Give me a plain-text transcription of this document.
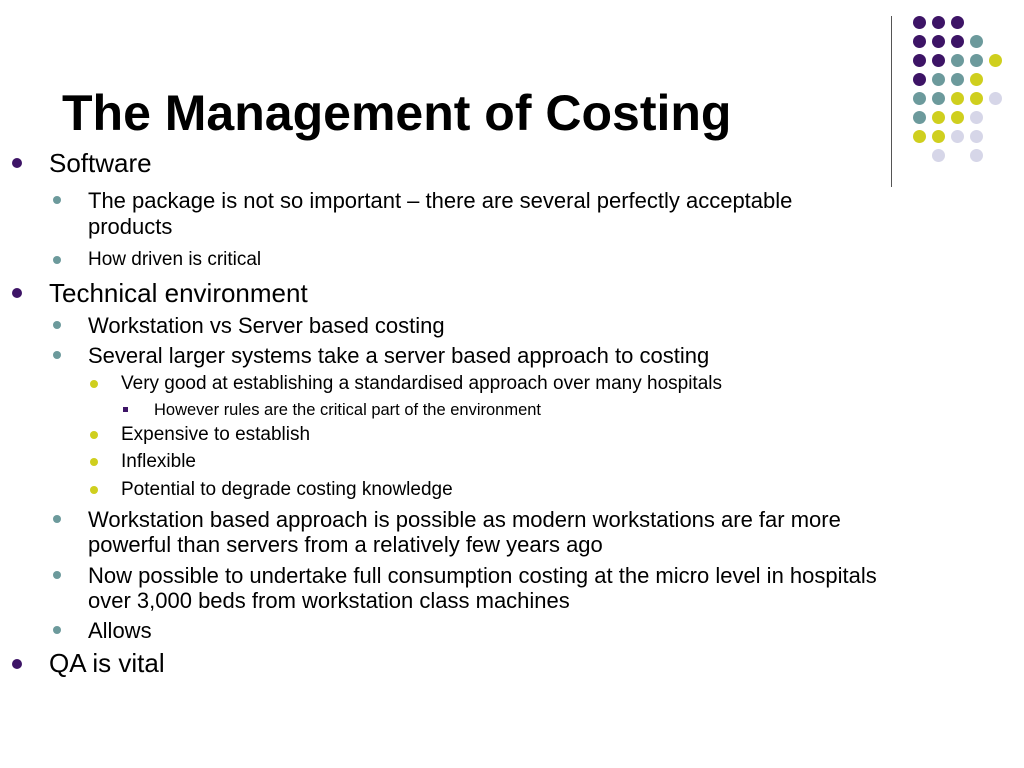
The Management of Costing
Software
The package is not so important – there are several perfectly acceptable
products
How driven is critical
Technical environment
Workstation vs Server based costing
Several larger systems take a server based approach to costing
Very good at establishing a standardised approach over many hospitals
However rules are the critical part of the environment
Expensive to establish
Inflexible
Potential to degrade costing knowledge
Workstation based approach is possible as modern workstations are far more
powerful than servers from a relatively few years ago
Now possible to undertake full consumption costing at the micro level in hospitals
over 3,000 beds from workstation class machines
Allows
QA is vital
